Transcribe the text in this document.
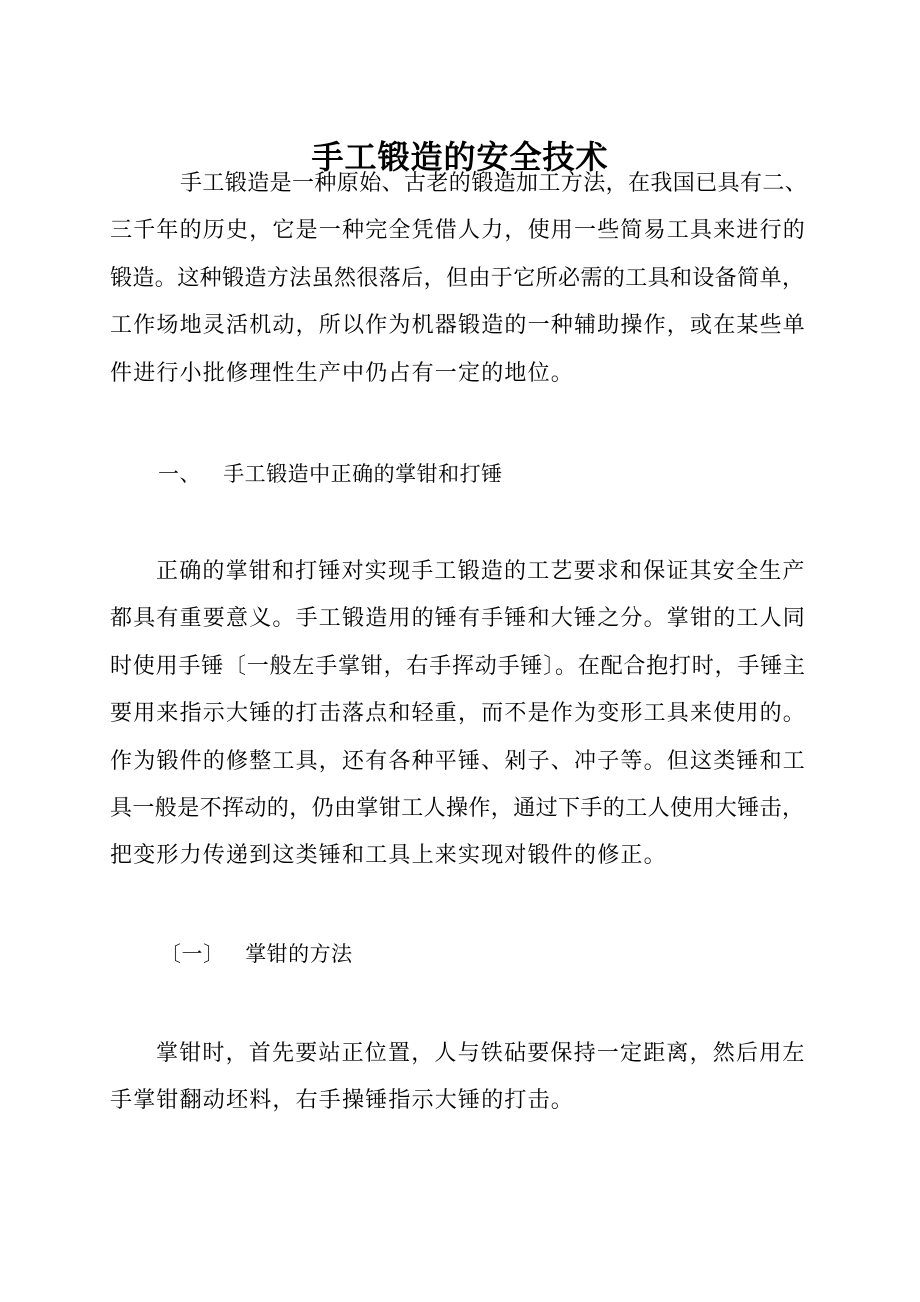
手工锻造的安全技术

手工锻造是一种原始、古老的锻造加工方法，在我国已具有二、
三千年的历史，它是一种完全凭借人力，使用一些简易工具来进行的
锻造。这种锻造方法虽然很落后，但由于它所必需的工具和设备简单，
工作场地灵活机动，所以作为机器锻造的一种辅助操作，或在某些单
件进行小批修理性生产中仍占有一定的地位。

一、 手工锻造中正确的掌钳和打锤

正确的掌钳和打锤对实现手工锻造的工艺要求和保证其安全生产
都具有重要意义。手工锻造用的锤有手锤和大锤之分。掌钳的工人同
时使用手锤〔一般左手掌钳，右手挥动手锤〕。在配合抱打时，手锤主
要用来指示大锤的打击落点和轻重，而不是作为变形工具来使用的。
作为锻件的修整工具，还有各种平锤、剁子、冲子等。但这类锤和工
具一般是不挥动的，仍由掌钳工人操作，通过下手的工人使用大锤击，
把变形力传递到这类锤和工具上来实现对锻件的修正。

〔一〕 掌钳的方法

掌钳时，首先要站正位置，人与铁砧要保持一定距离，然后用左
手掌钳翻动坯料，右手操锤指示大锤的打击。
